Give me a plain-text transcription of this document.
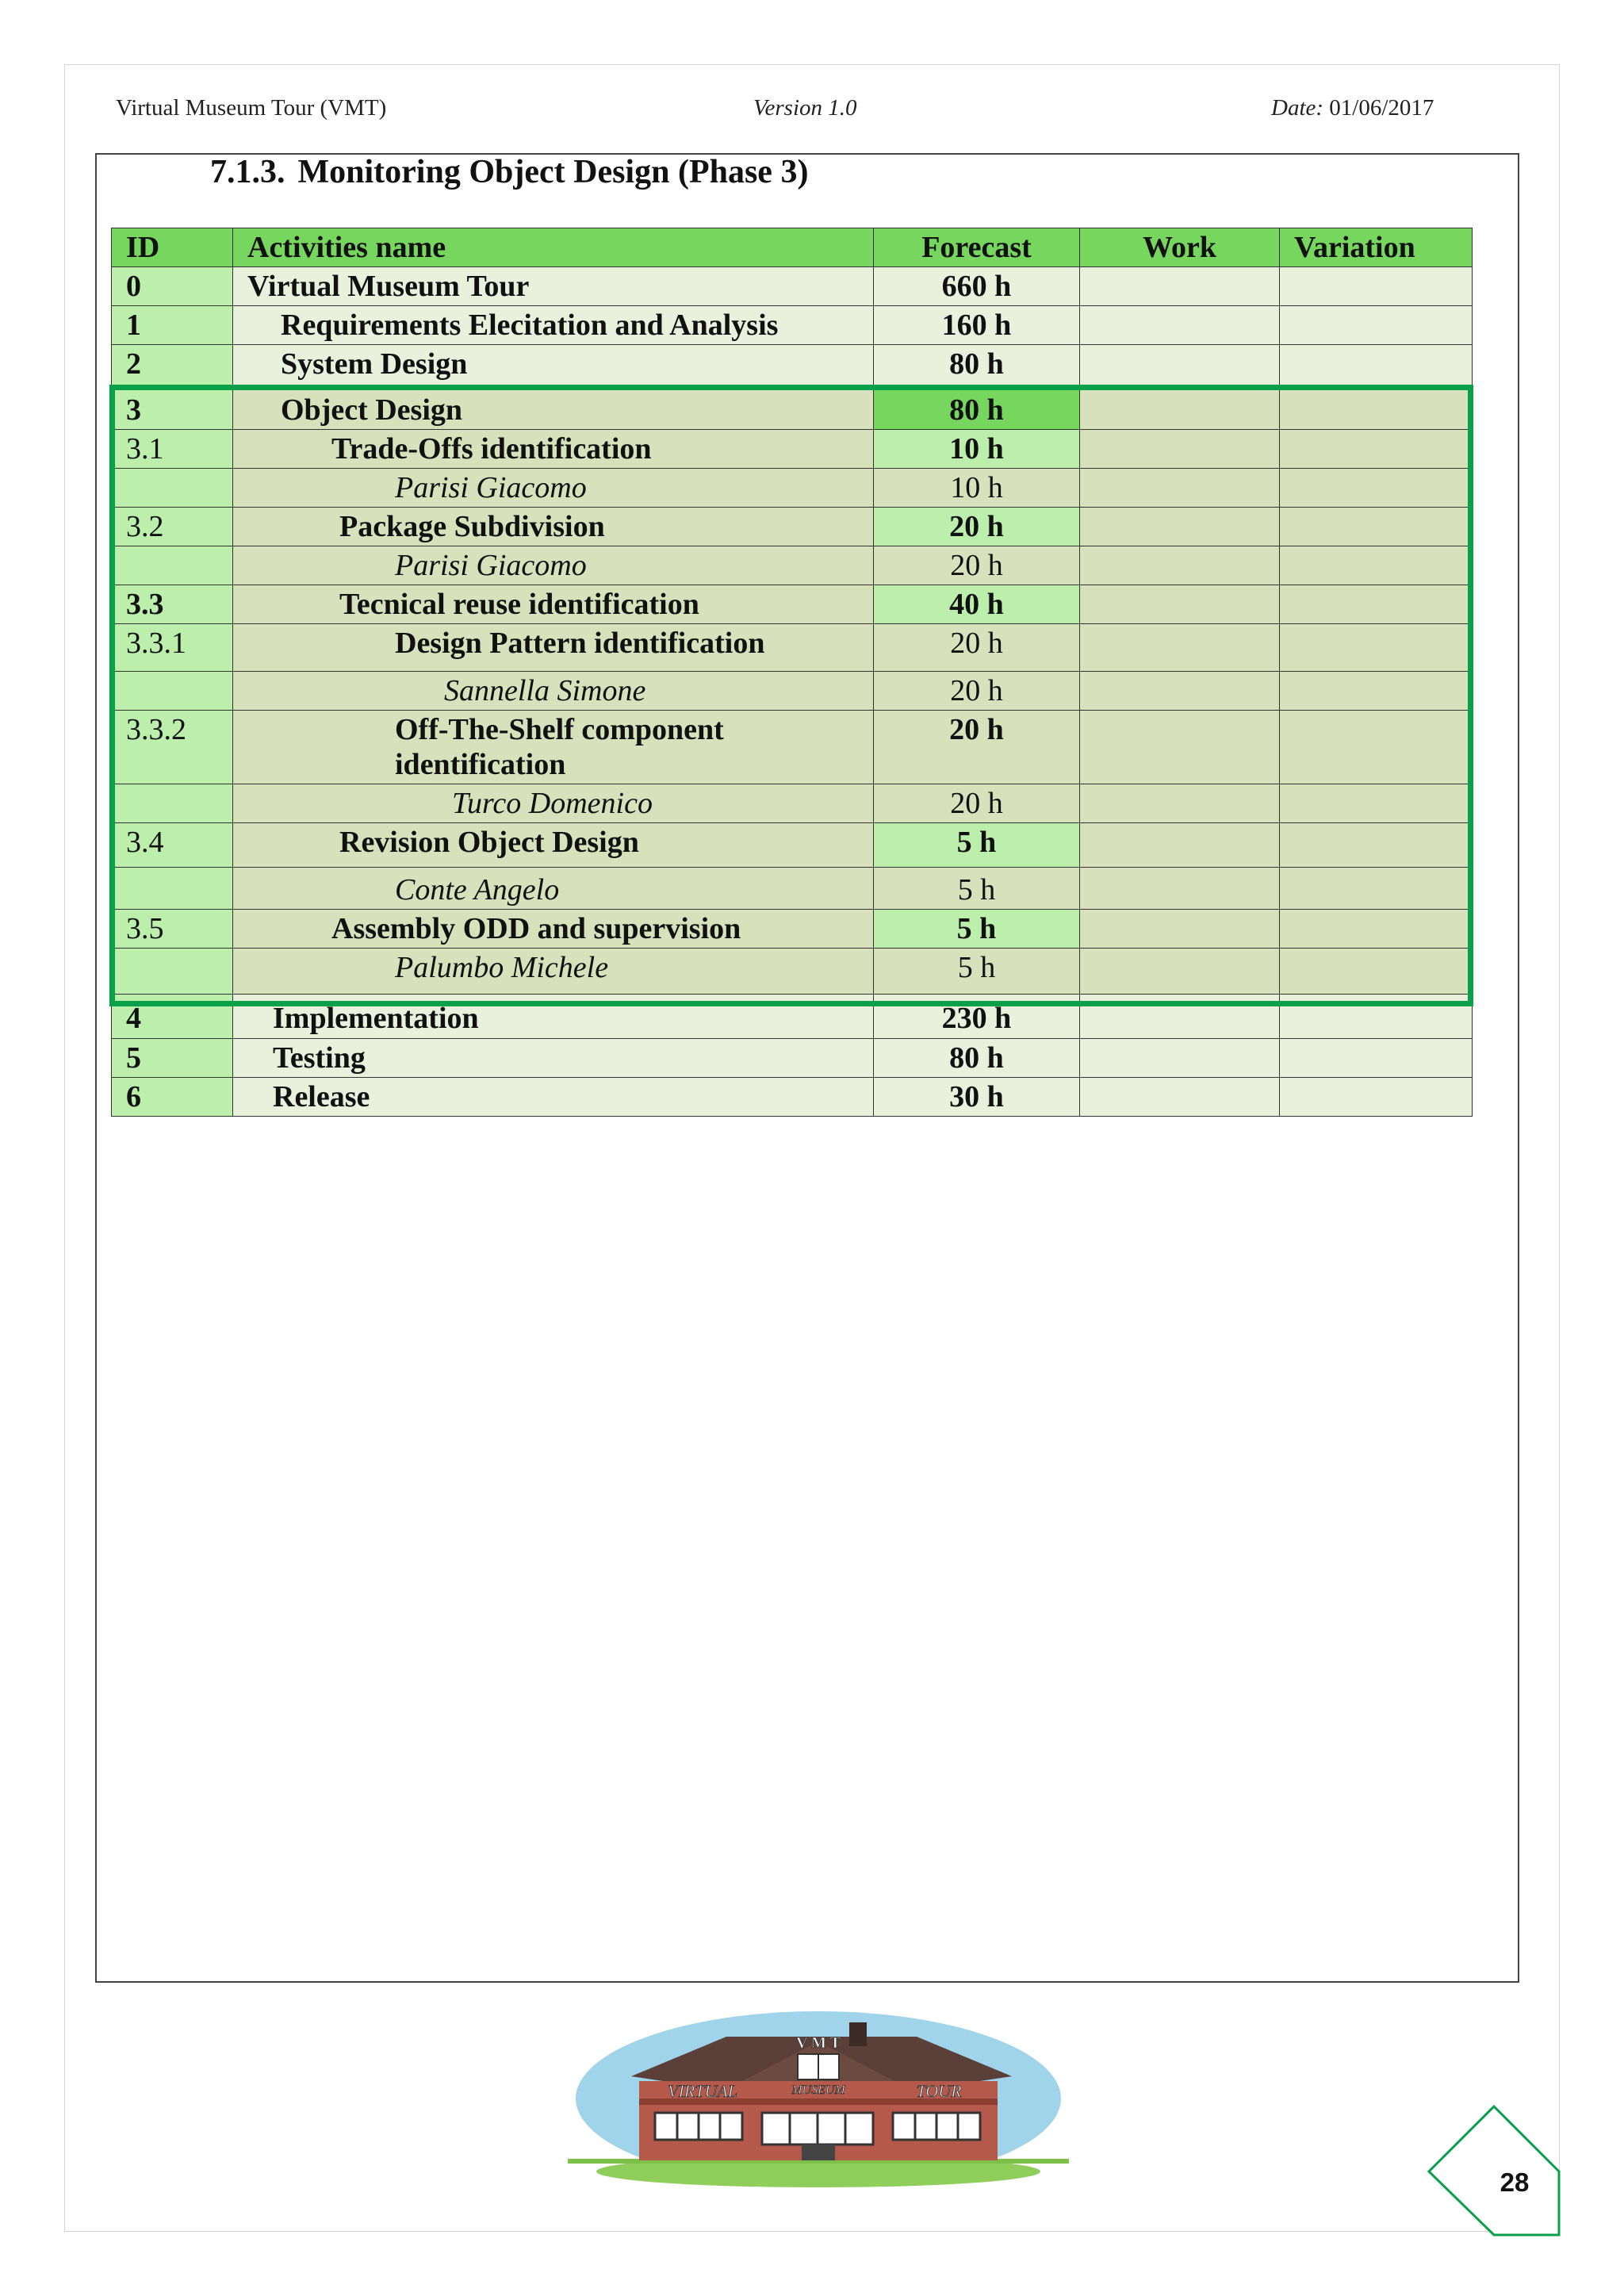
Virtual Museum Tour (VMT)	Version 1.0	Date: 01/06/2017
7.1.3. Monitoring Object Design (Phase 3)
ID	Activities name	Forecast	Work	Variation
0	Virtual Museum Tour	660 h		
1	Requirements Elecitation and Analysis	160 h		
2	System Design	80 h		
3	Object Design	80 h		
3.1	Trade-Offs identification	10 h		
	Parisi Giacomo	10 h		
3.2	Package Subdivision	20 h		
	Parisi Giacomo	20 h		
3.3	Tecnical reuse identification	40 h		
3.3.1	Design Pattern identification	20 h		
	Sannella Simone	20 h		
3.3.2	Off-The-Shelf component identification	20 h		
	Turco Domenico	20 h		
3.4	Revision Object Design	5 h		
	Conte Angelo	5 h		
3.5	Assembly ODD and supervision	5 h		
	Palumbo Michele	5 h		
4	Implementation	230 h		
5	Testing	80 h		
6	Release	30 h		
V M T
VIRTUAL	MUSEUM	TOUR
28
